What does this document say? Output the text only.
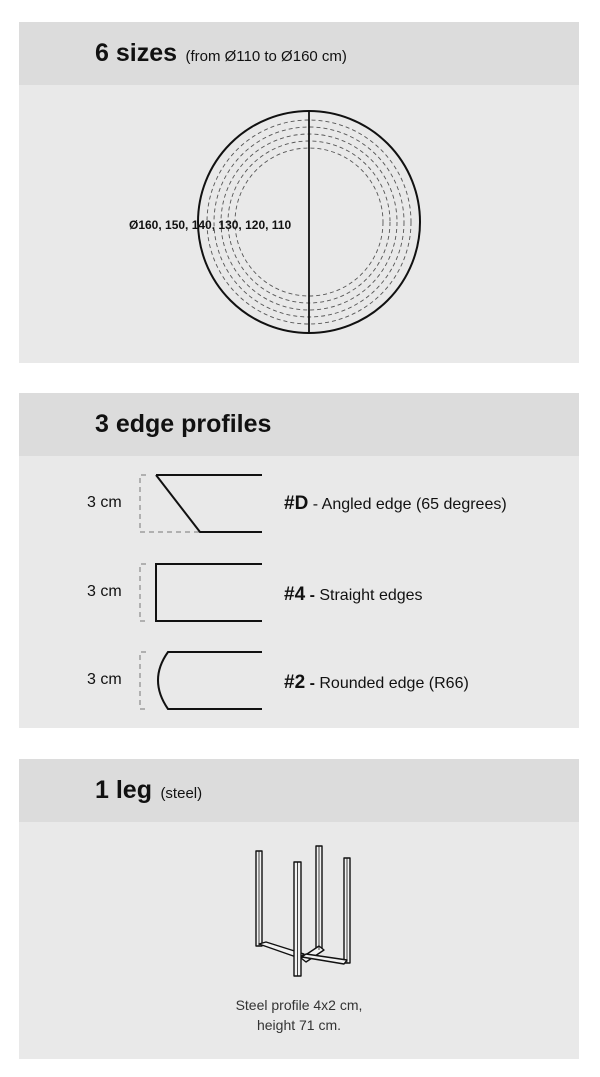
6 sizes (from Ø110 to Ø160 cm)
Ø160, 150, 140, 130, 120, 110
3 edge profiles
3 cm	#D - Angled edge (65 degrees)
3 cm	#4 - Straight edges
3 cm	#2 - Rounded edge (R66)
1 leg (steel)
Steel profile 4x2 cm,
height 71 cm.
